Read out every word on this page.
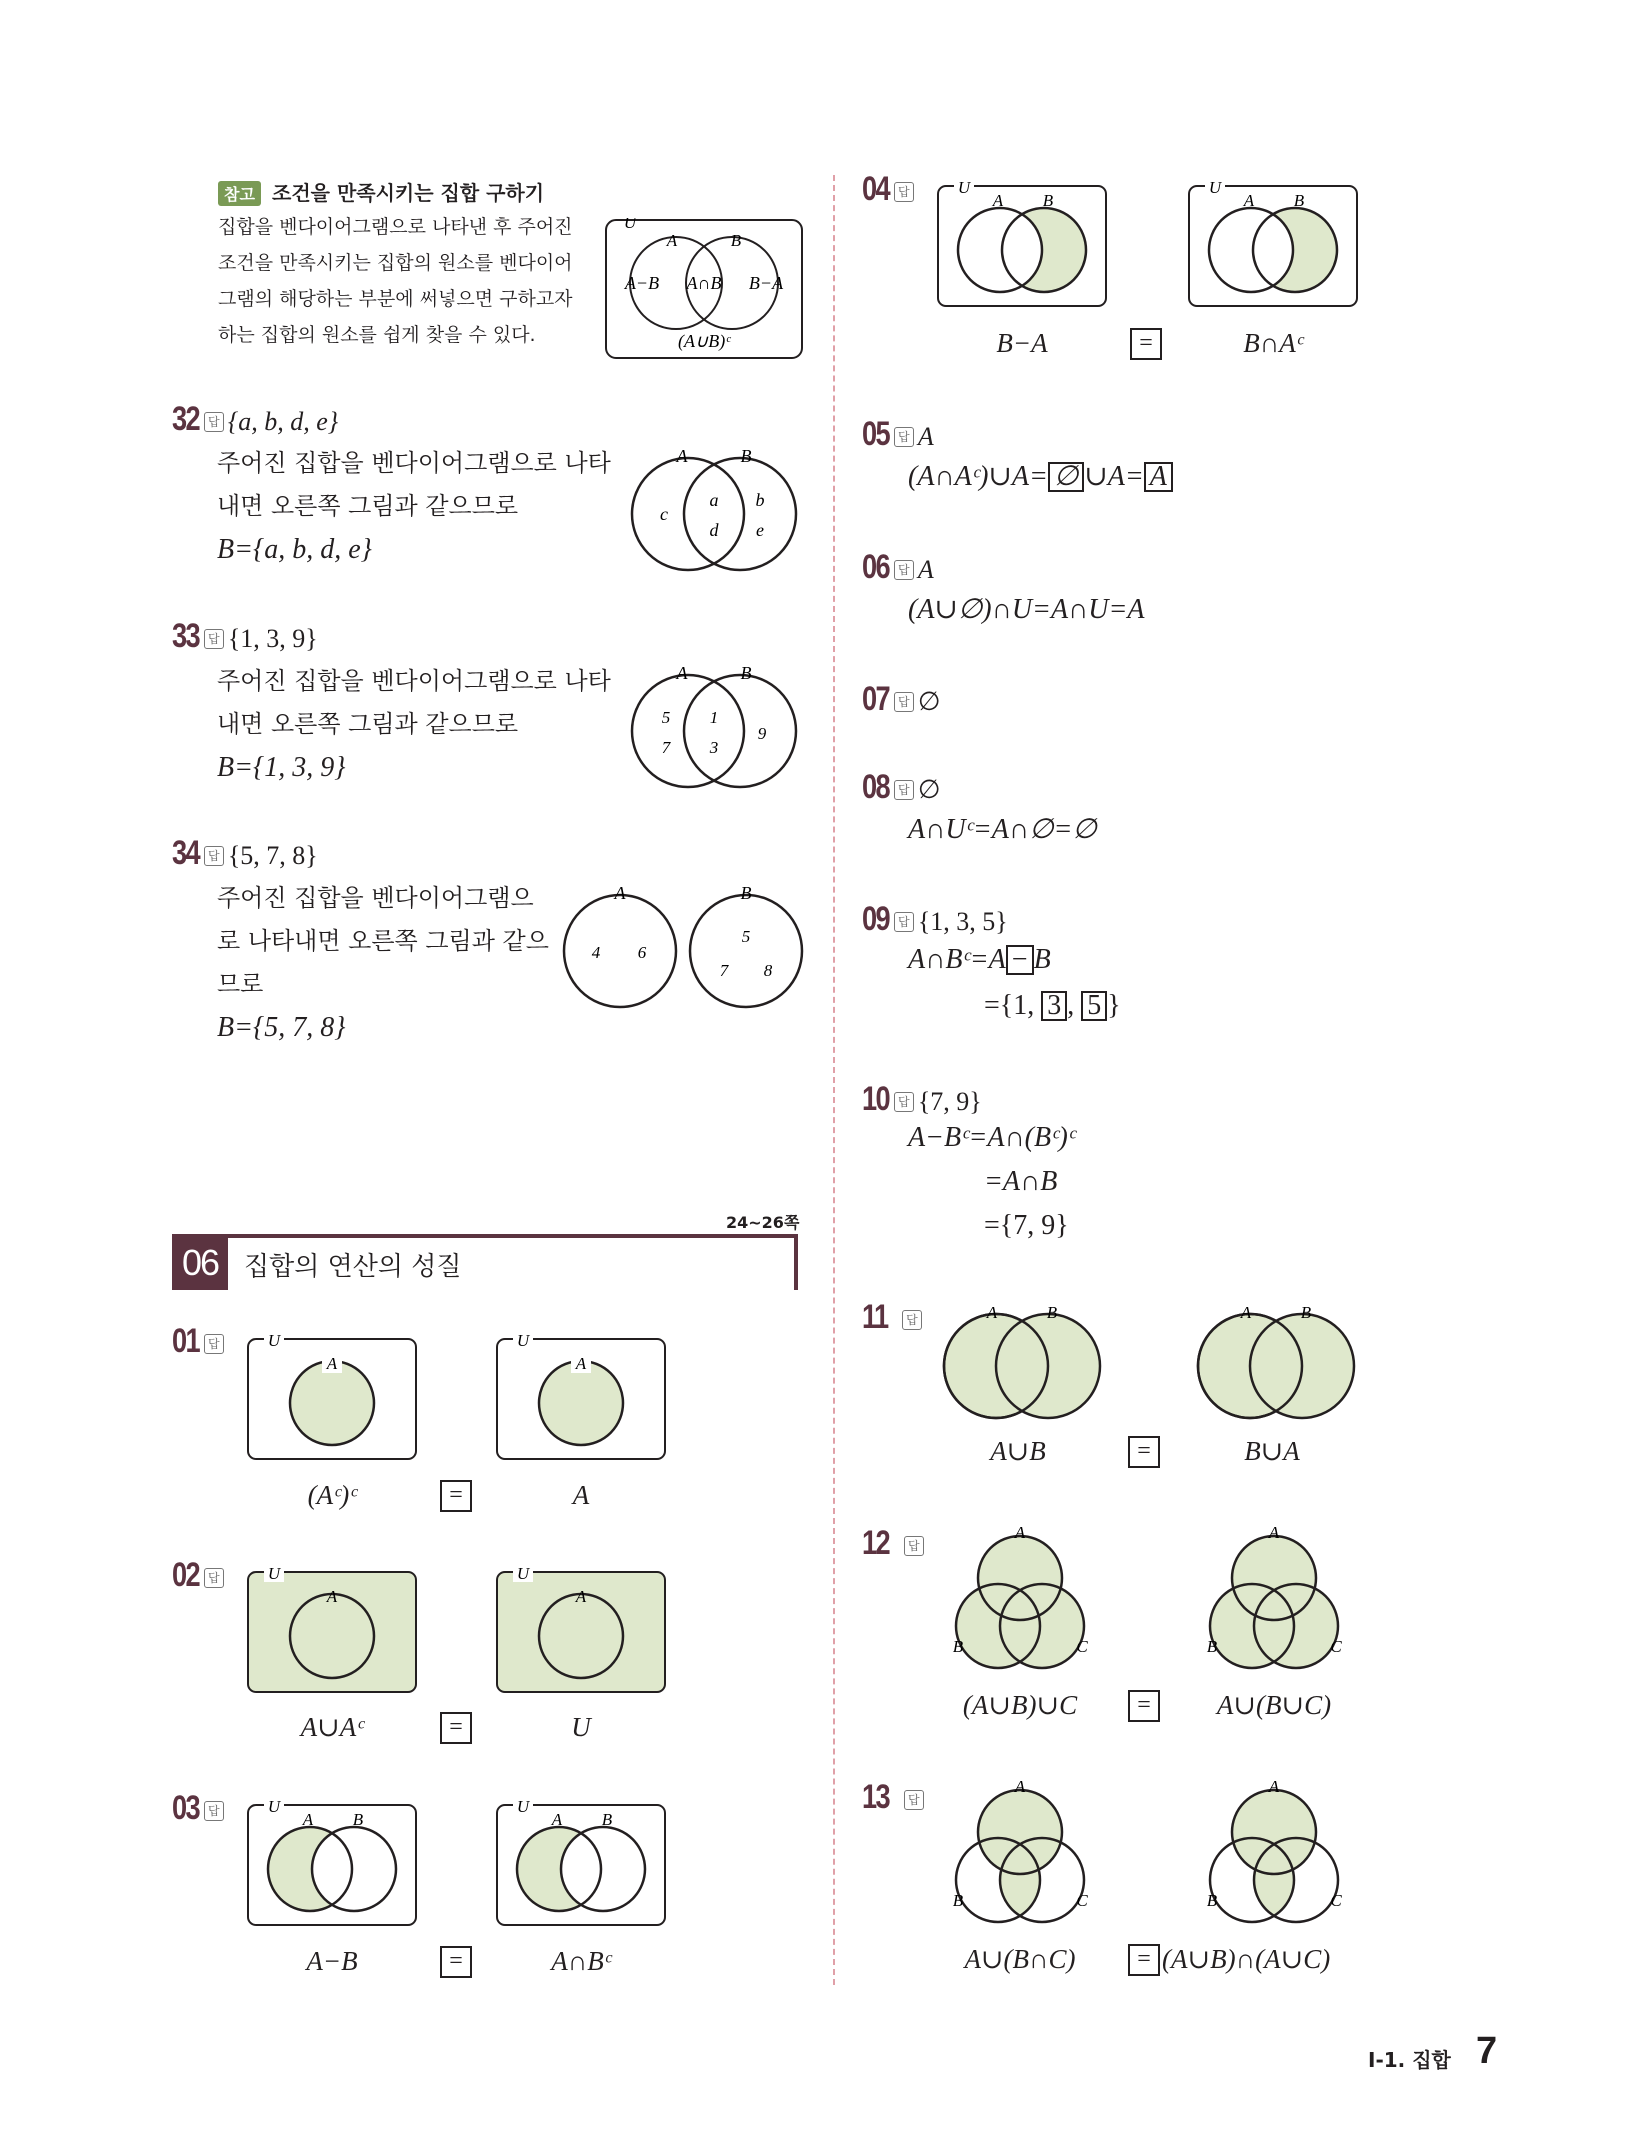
참고 조건을 만족시키는 집합 구하기
집합을 벤다이어그램으로 나타낸 후 주어진
조건을 만족시키는 집합의 원소를 벤다이어
그램의 해당하는 부분에 써넣으면 구하고자
하는 집합의 원소를 쉽게 찾을 수 있다.
U
A	B
A−B A∩B B−A
(A∪B)ᶜ
32 답 {a, b, d, e}
주어진 집합을 벤다이어그램으로 나타
내면 오른쪽 그림과 같으므로
B={a, b, d, e}
A	B
c
a
d
b
e
33 답 {1, 3, 9}
주어진 집합을 벤다이어그램으로 나타
내면 오른쪽 그림과 같으므로
B={1, 3, 9}
A	B
5
7
1
3
9
34 답 {5, 7, 8}
주어진 집합을 벤다이어그램으
로 나타내면 오른쪽 그림과 같으
므로
B={5, 7, 8}
A	B
4 6
5
7 8
24~26쪽
06 집합의 연산의 성질
01 답	U
A
U
A
(Aᶜ)ᶜ	=	A
02 답	U
A
U
A
A∪Aᶜ	=	U
03 답	U
A B
U
A B
A−B	=	A∩Bᶜ
04 답	U
A B
U
A B
B−A	=	B∩Aᶜ
05 답 A
(A∩Aᶜ)∪A= ∅ ∪A= A
06 답 A
(A∪∅)∩U=A∩U=A
07 답 ∅
08 답 ∅
A∩Uᶜ=A∩∅=∅
09 답 {1, 3, 5}
A∩Bᶜ=A − B
={1, 3 , 5 }
10 답 {7, 9}
A−Bᶜ=A∩(Bᶜ)ᶜ
=A∩B
={7, 9}
11 답	A	B	A	B
A∪B	=	B∪A
12 답
A
B	C
A
B	C
(A∪B)∪C	=	A∪(B∪C)
13 답
A
B	C
A
B	C
A∪(B∩C)	= (A∪B)∩(A∪C)
Ⅰ-1. 집합 7
